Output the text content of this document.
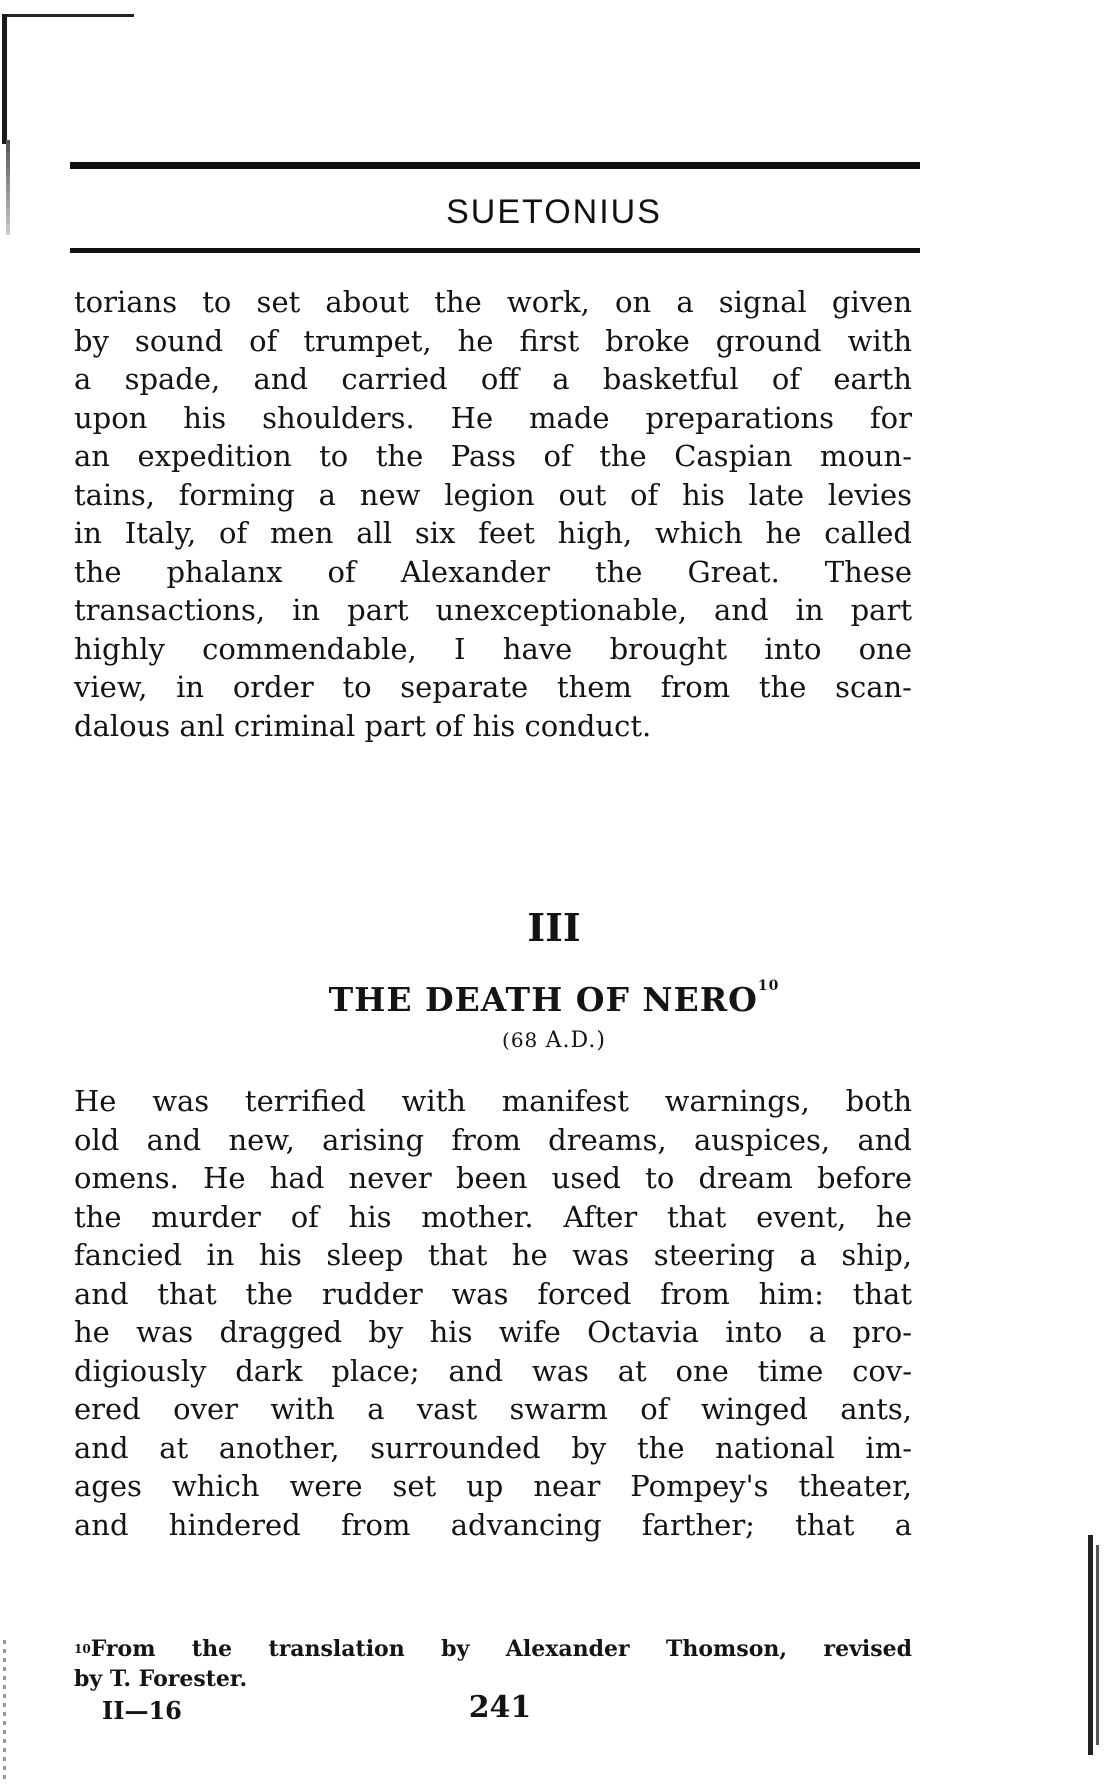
SUETONIUS
torians to set about the work, on a signal given
by sound of trumpet, he first broke ground with
a spade, and carried off a basketful of earth
upon his shoulders. He made preparations for
an expedition to the Pass of the Caspian moun-
tains, forming a new legion out of his late levies
in Italy, of men all six feet high, which he called
the phalanx of Alexander the Great. These
transactions, in part unexceptionable, and in part
highly commendable, I have brought into one
view, in order to separate them from the scan-
dalous anl criminal part of his conduct.
III
THE DEATH OF NERO$^{10}$
(68 A.D.)
He was terrified with manifest warnings, both
old and new, arising from dreams, auspices, and
omens. He had never been used to dream before
the murder of his mother. After that event, he
fancied in his sleep that he was steering a ship,
and that the rudder was forced from him: that
he was dragged by his wife Octavia into a pro-
digiously dark place; and was at one time cov-
ered over with a vast swarm of winged ants,
and at another, surrounded by the national im-
ages which were set up near Pompey's theater,
and hindered from advancing farther; that a
$^{10}$From the translation by Alexander Thomson, revised
by T. Forester.
II—16	241
